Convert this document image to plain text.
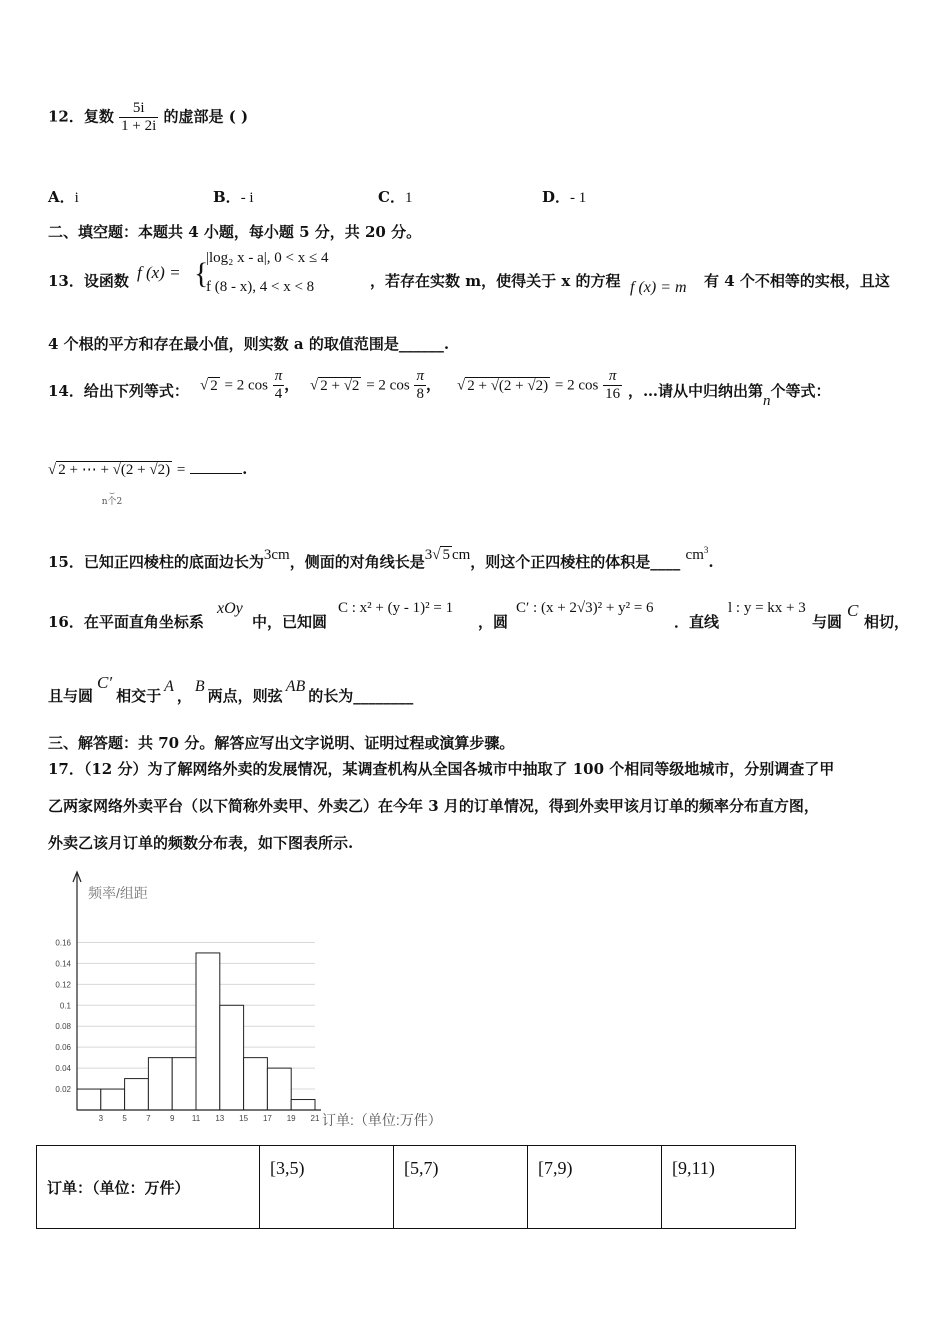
12．复数 $\frac{5i}{1 + 2i}$ 的虚部是 ( )
A．i	B．- i	C．1	D．- 1
二、填空题：本题共 4 小题，每小题 5 分，共 20 分。
13．设函数 f (x) = {
|log₂ x - a|, 0 < x ≤ 4
f (8 - x), 4 < x < 8	，若存在实数 m，使得关于 x 的方程 f (x) = m 有 4 个不相等的实根，且这
4 个根的平方和存在最小值，则实数 a 的取值范围是______.
14．给出下列等式： √ 2 = 2 $\cos \frac{\pi}{4}$ ， √ 2 + √2 = 2 $\cos \frac{\pi}{8}$ ， √ 2 + √(2 + √2) = 2 $\cos \frac{\pi}{16}$ ，…请从中归纳出第n个等式：
√ 2 + ⋯ + √(2 + √2) =	.
⏟
n个2
15．已知正四棱柱的底面边长为3cm，侧面的对角线长是3√ 5 cm，则这个正四棱柱的体积是____ $cm^3$.
16．在平面直角坐标系
xOy
中，已知圆
C : x² + (y - 1)² = 1
，圆
C′ : (x + 2√3)² + y² = 6
．直线
l : y = kx + 3
与圆
C
相切，
且与圆C′相交于A，B两点，则弦AB的长为________
三、解答题：共 70 分。解答应写出文字说明、证明过程或演算步骤。
17．（12 分）为了解网络外卖的发展情况，某调查机构从全国各城市中抽取了 100 个相同等级地城市，分别调查了甲
乙两家网络外卖平台（以下简称外卖甲、外卖乙）在今年 3 月的订单情况，得到外卖甲该月订单的频率分布直方图，
外卖乙该月订单的频数分布表，如下图表所示.
0.02
0.04
0.06
0.08
0.1
0.12
0.14
0.16
3 5 7 9 11 13 15 17 19 21
频率/组距
订单:（单位:万件）
订单：（单位：万件）	[3,5)	[5,7)	[7,9)	[9,11)
